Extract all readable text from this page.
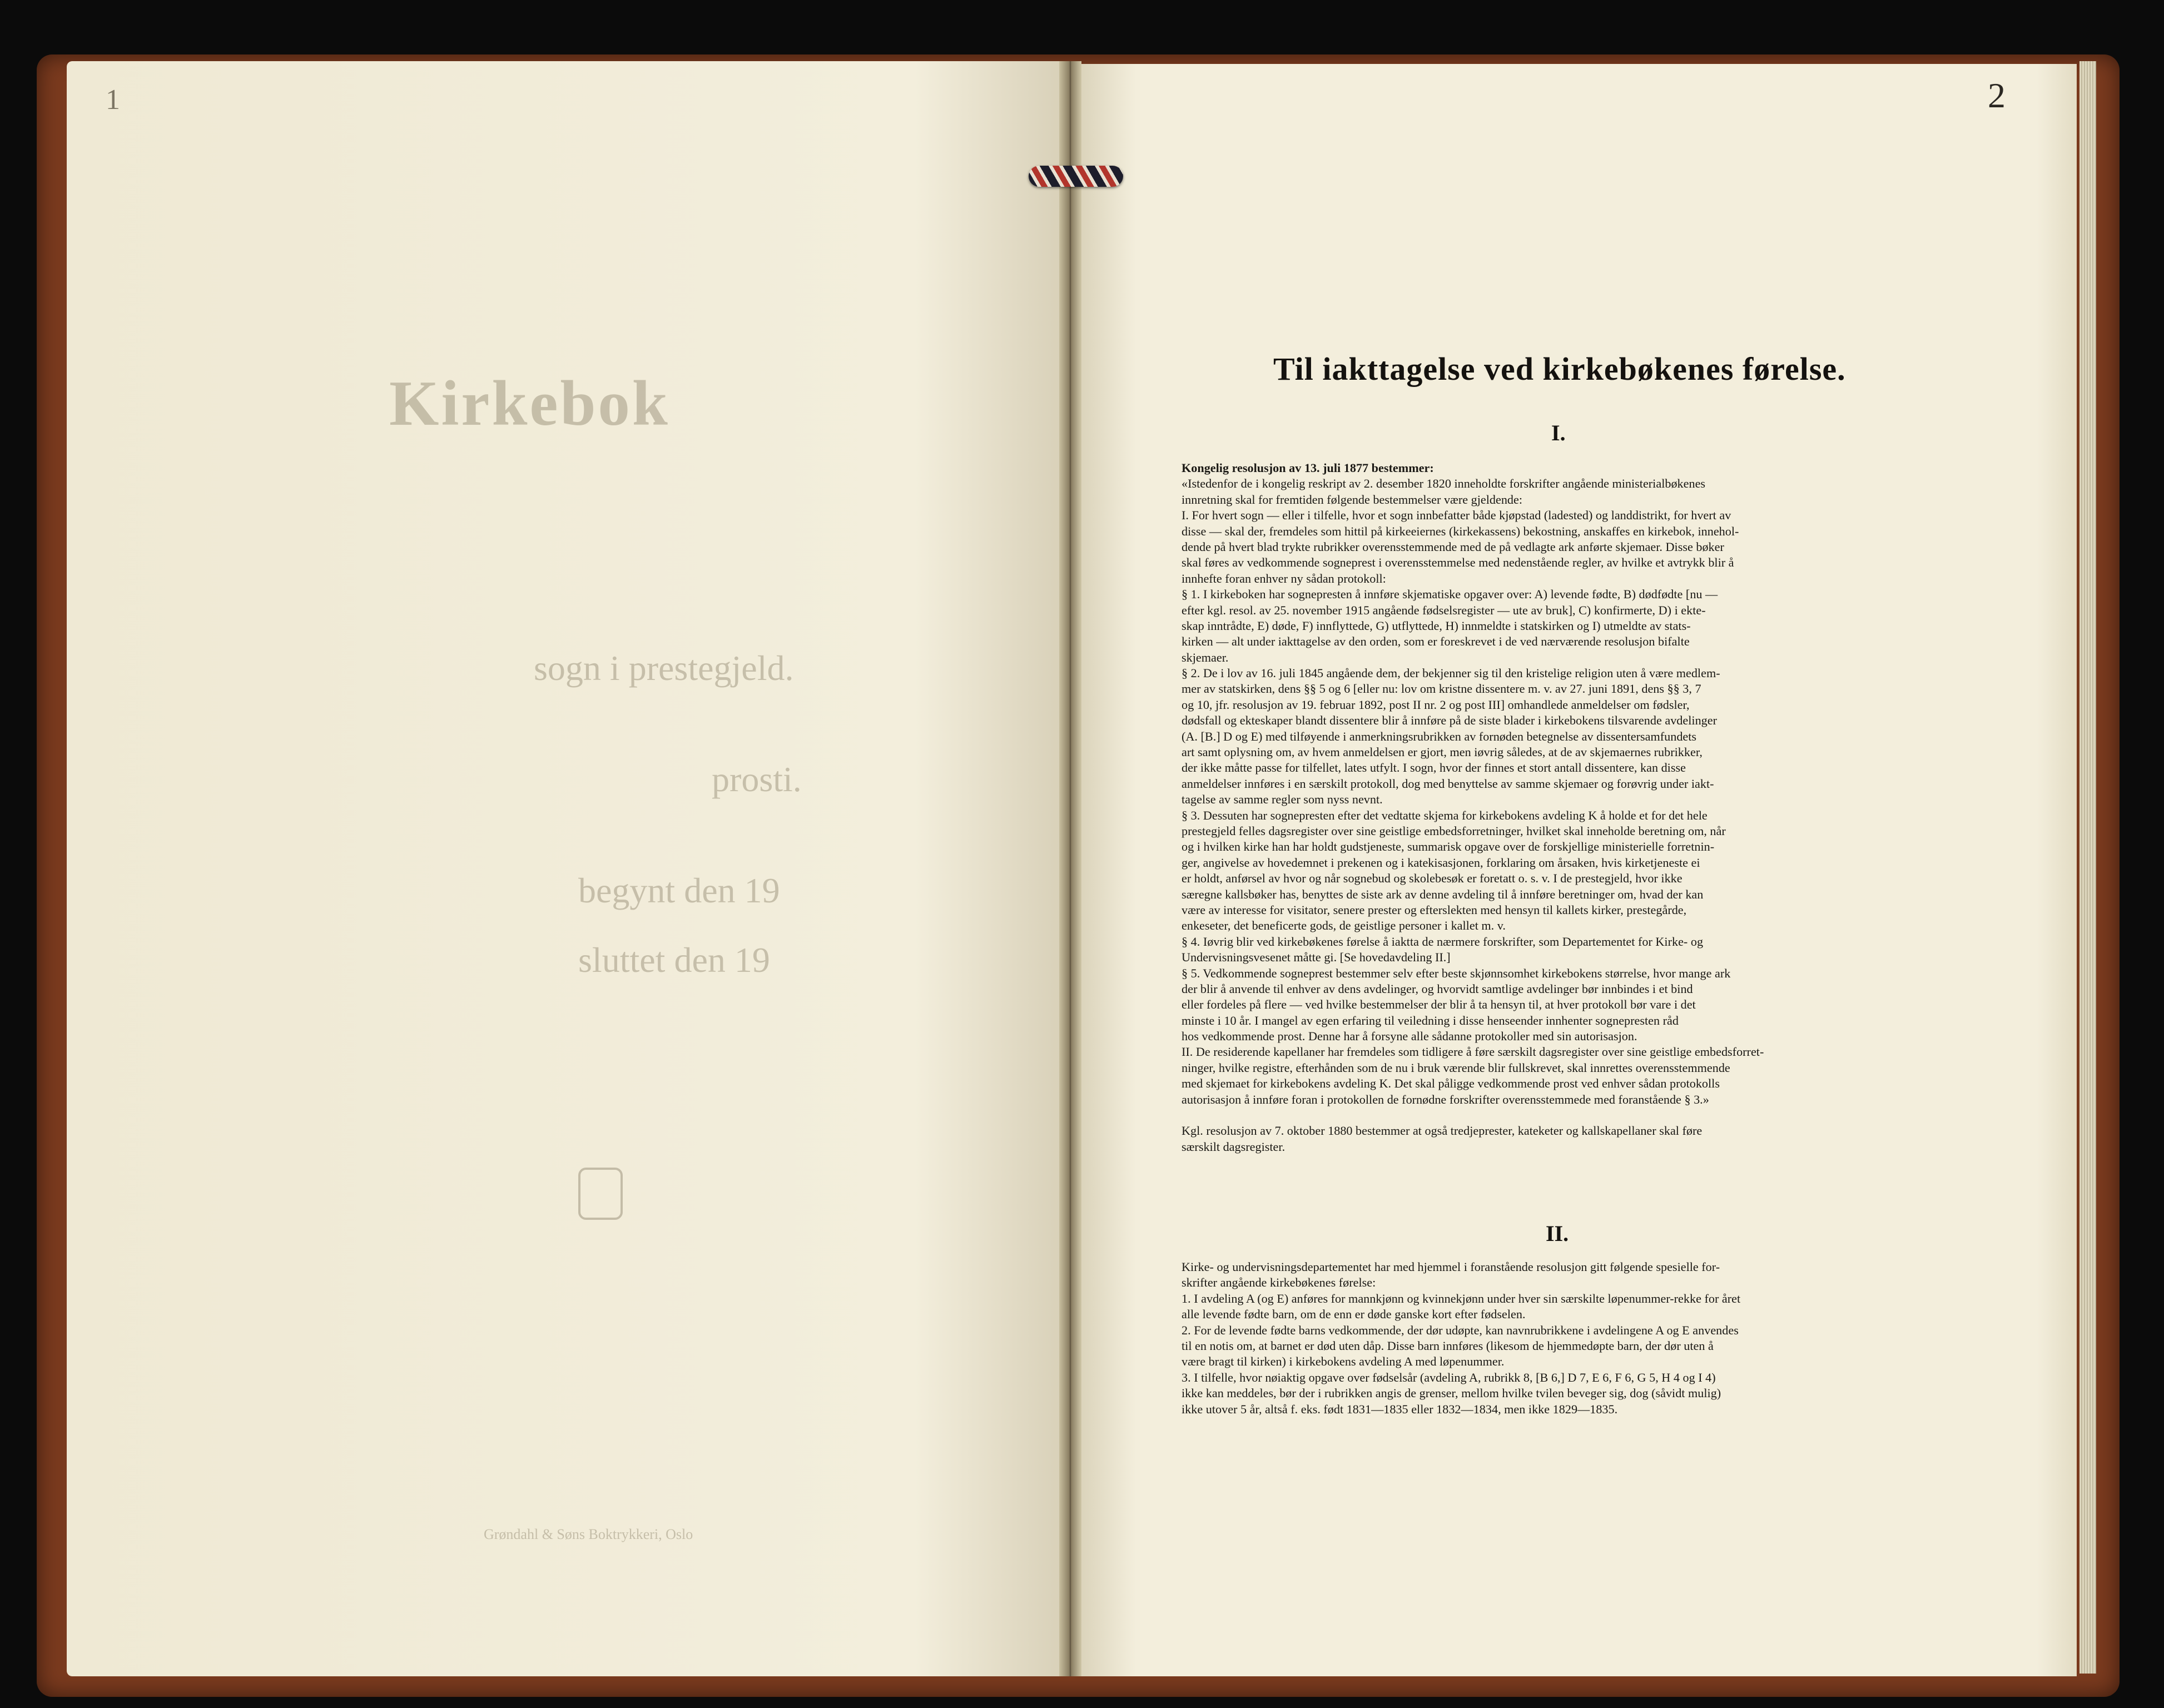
1
Kirkebok
sogn i prestegjeld.
prosti.
begynt den 19
sluttet den 19
Grøndahl & Søns Boktrykkeri, Oslo
2
Til iakttagelse ved kirkebøkenes førelse.
I.
Kongelig resolusjon av 13. juli 1877 bestemmer:
«Istedenfor de i kongelig reskript av 2. desember 1820 inneholdte forskrifter angående ministerialbøkenes
innretning skal for fremtiden følgende bestemmelser være gjeldende:
I. For hvert sogn — eller i tilfelle, hvor et sogn innbefatter både kjøpstad (ladested) og landdistrikt, for hvert av
disse — skal der, fremdeles som hittil på kirkeeiernes (kirkekassens) bekostning, anskaffes en kirkebok, innehol-
dende på hvert blad trykte rubrikker overensstemmende med de på vedlagte ark anførte skjemaer. Disse bøker
skal føres av vedkommende sogneprest i overensstemmelse med nedenstående regler, av hvilke et avtrykk blir å
innhefte foran enhver ny sådan protokoll:
§ 1. I kirkeboken har sognepresten å innføre skjematiske opgaver over: A) levende fødte, B) dødfødte [nu —
efter kgl. resol. av 25. november 1915 angående fødselsregister — ute av bruk], C) konfirmerte, D) i ekte-
skap inntrådte, E) døde, F) innflyttede, G) utflyttede, H) innmeldte i statskirken og I) utmeldte av stats-
kirken — alt under iakttagelse av den orden, som er foreskrevet i de ved nærværende resolusjon bifalte
skjemaer.
§ 2. De i lov av 16. juli 1845 angående dem, der bekjenner sig til den kristelige religion uten å være medlem-
mer av statskirken, dens §§ 5 og 6 [eller nu: lov om kristne dissentere m. v. av 27. juni 1891, dens §§ 3, 7
og 10, jfr. resolusjon av 19. februar 1892, post II nr. 2 og post III] omhandlede anmeldelser om fødsler,
dødsfall og ekteskaper blandt dissentere blir å innføre på de siste blader i kirkebokens tilsvarende avdelinger
(A. [B.] D og E) med tilføyende i anmerkningsrubrikken av fornøden betegnelse av dissentersamfundets
art samt oplysning om, av hvem anmeldelsen er gjort, men iøvrig således, at de av skjemaernes rubrikker,
der ikke måtte passe for tilfellet, lates utfylt. I sogn, hvor der finnes et stort antall dissentere, kan disse
anmeldelser innføres i en særskilt protokoll, dog med benyttelse av samme skjemaer og forøvrig under iakt-
tagelse av samme regler som nyss nevnt.
§ 3. Dessuten har sognepresten efter det vedtatte skjema for kirkebokens avdeling K å holde et for det hele
prestegjeld felles dagsregister over sine geistlige embedsforretninger, hvilket skal inneholde beretning om, når
og i hvilken kirke han har holdt gudstjeneste, summarisk opgave over de forskjellige ministerielle forretnin-
ger, angivelse av hovedemnet i prekenen og i katekisasjonen, forklaring om årsaken, hvis kirketjeneste ei
er holdt, anførsel av hvor og når sognebud og skolebesøk er foretatt o. s. v. I de prestegjeld, hvor ikke
særegne kallsbøker has, benyttes de siste ark av denne avdeling til å innføre beretninger om, hvad der kan
være av interesse for visitator, senere prester og efterslekten med hensyn til kallets kirker, prestegårde,
enkeseter, det beneficerte gods, de geistlige personer i kallet m. v.
§ 4. Iøvrig blir ved kirkebøkenes førelse å iaktta de nærmere forskrifter, som Departementet for Kirke- og
Undervisningsvesenet måtte gi. [Se hovedavdeling II.]
§ 5. Vedkommende sogneprest bestemmer selv efter beste skjønnsomhet kirkebokens størrelse, hvor mange ark
der blir å anvende til enhver av dens avdelinger, og hvorvidt samtlige avdelinger bør innbindes i et bind
eller fordeles på flere — ved hvilke bestemmelser der blir å ta hensyn til, at hver protokoll bør vare i det
minste i 10 år. I mangel av egen erfaring til veiledning i disse henseender innhenter sognepresten råd
hos vedkommende prost. Denne har å forsyne alle sådanne protokoller med sin autorisasjon.
II. De residerende kapellaner har fremdeles som tidligere å føre særskilt dagsregister over sine geistlige embedsforret-
ninger, hvilke registre, efterhånden som de nu i bruk værende blir fullskrevet, skal innrettes overensstemmende
med skjemaet for kirkebokens avdeling K. Det skal påligge vedkommende prost ved enhver sådan protokolls
autorisasjon å innføre foran i protokollen de fornødne forskrifter overensstemmede med foranstående § 3.»
Kgl. resolusjon av 7. oktober 1880 bestemmer at også tredjeprester, kateketer og kallskapellaner skal føre
særskilt dagsregister.
II.
Kirke- og undervisningsdepartementet har med hjemmel i foranstående resolusjon gitt følgende spesielle for-
skrifter angående kirkebøkenes førelse:
1. I avdeling A (og E) anføres for mannkjønn og kvinnekjønn under hver sin særskilte løpenummer-rekke for året
alle levende fødte barn, om de enn er døde ganske kort efter fødselen.
2. For de levende fødte barns vedkommende, der dør udøpte, kan navnrubrikkene i avdelingene A og E anvendes
til en notis om, at barnet er død uten dåp. Disse barn innføres (likesom de hjemmedøpte barn, der dør uten å
være bragt til kirken) i kirkebokens avdeling A med løpenummer.
3. I tilfelle, hvor nøiaktig opgave over fødselsår (avdeling A, rubrikk 8, [B 6,] D 7, E 6, F 6, G 5, H 4 og I 4)
ikke kan meddeles, bør der i rubrikken angis de grenser, mellom hvilke tvilen beveger sig, dog (såvidt mulig)
ikke utover 5 år, altså f. eks. født 1831—1835 eller 1832—1834, men ikke 1829—1835.
